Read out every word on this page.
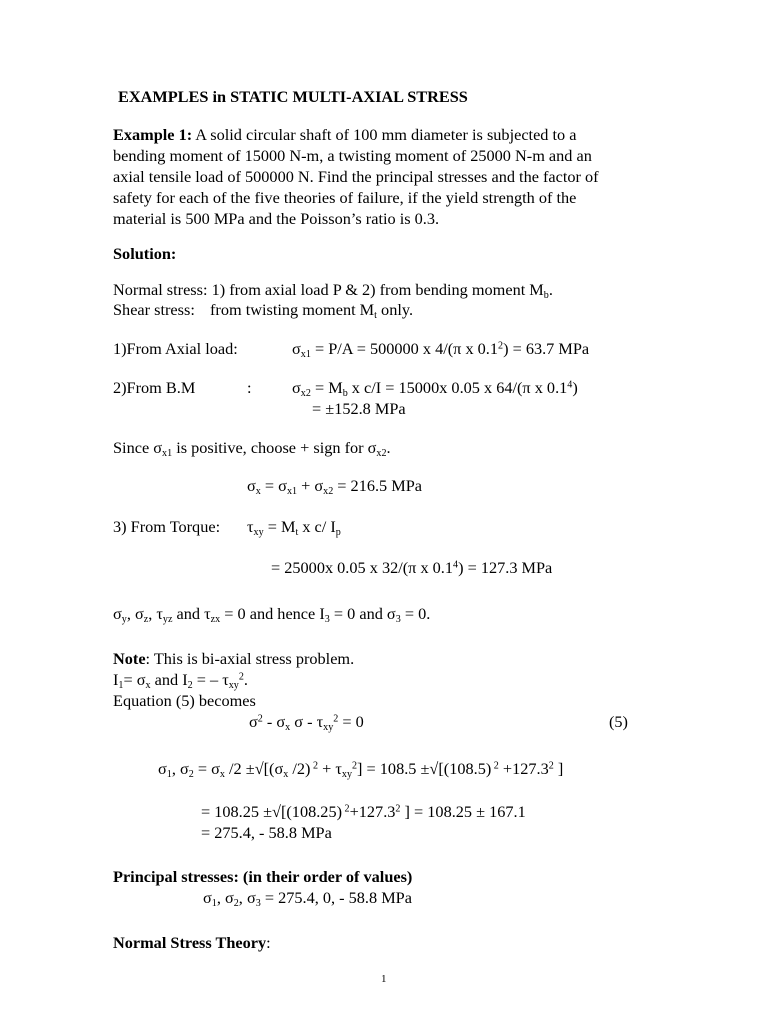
EXAMPLES in STATIC MULTI-AXIAL STRESS
Example 1: A solid circular shaft of 100 mm diameter is subjected to a
bending moment of 15000 N-m, a twisting moment of 25000 N-m and an
axial tensile load of 500000 N. Find the principal stresses and the factor of
safety for each of the five theories of failure, if the yield strength of the
material is 500 MPa and the Poisson’s ratio is 0.3.
Solution:
Normal stress: 1) from axial load P & 2) from bending moment $M_b$.
Shear stress: from twisting moment $M_t$ only.
1)From Axial load:	$\sigma_{x1} = P/A = 500000$ x 4/(π x $0.1^2) = 63.7$ MPa
2)From B.M	: $\sigma_{x2} = M_b$ x c/I = 15000x 0.05 x 64/(π x $0.1^4$)
= ±152.8 MPa
Since $\sigma_{x1}$ is positive, choose + sign for $\sigma_{x2}$.
$\sigma_x = \sigma_{x1} + \sigma_{x2} = 216.5$ MPa
3) From Torque: $\tau_{xy} = M_t$ x c/ $I_p$
= 25000x 0.05 x 32/(π x $0.1^4) = 127.3$ MPa
$\sigma_y$, $\sigma_z$, $\tau_{yz}$ and $\tau_{zx} = 0$ and hence $I_3 = 0$ and $\sigma_3 = 0$.
Note: This is bi-axial stress problem.
$I_1= \sigma_x$ and $I_2$ = – $\tau_{xy}^2$.
Equation (5) becomes
$\sigma^2 - \sigma_x$ $\sigma - \tau_{xy}^2 = 0$	(5)
$\sigma_1$, $\sigma_2 = \sigma_x$ $/2 \pm√[(\sigma_x$ /2) $^2 + \tau_{xy}^2] = 108.5 \pm√[(108.5)$ $^2 +127.3^2$ ]
= 108.25 ±√[(108.25) $^2+127.3^2$ ] = 108.25 ± 167.1
= 275.4, - 58.8 MPa
Principal stresses: (in their order of values)
$\sigma_1$, $\sigma_2$, $\sigma_3 = 275.4$, 0, - 58.8 MPa
Normal Stress Theory:
1
